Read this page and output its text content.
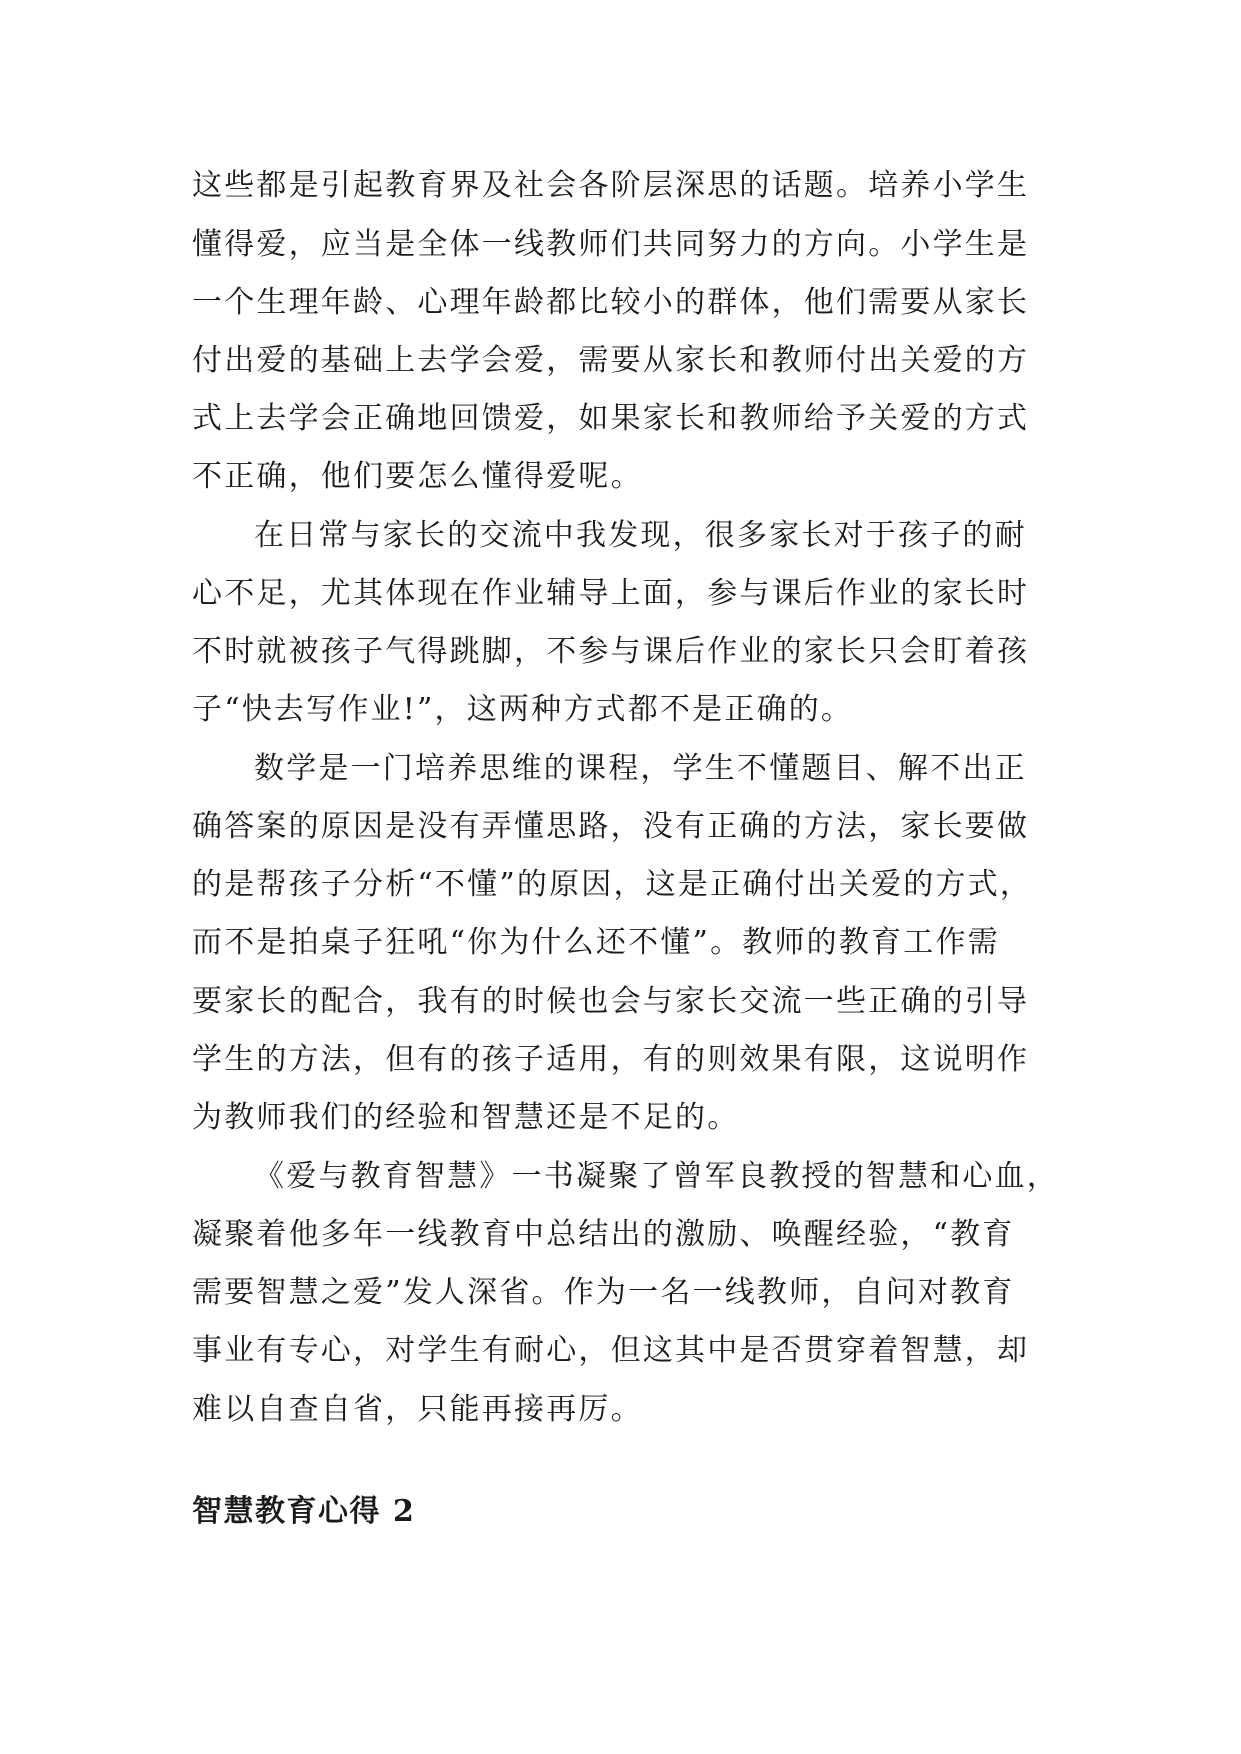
这些都是引起教育界及社会各阶层深思的话题。培养小学生

懂得爱，应当是全体一线教师们共同努力的方向。小学生是

一个生理年龄、心理年龄都比较小的群体，他们需要从家长

付出爱的基础上去学会爱，需要从家长和教师付出关爱的方

式上去学会正确地回馈爱，如果家长和教师给予关爱的方式

不正确，他们要怎么懂得爱呢。

在日常与家长的交流中我发现，很多家长对于孩子的耐

心不足，尤其体现在作业辅导上面，参与课后作业的家长时

不时就被孩子气得跳脚，不参与课后作业的家长只会盯着孩

子“快去写作业!”，这两种方式都不是正确的。

数学是一门培养思维的课程，学生不懂题目、解不出正

确答案的原因是没有弄懂思路，没有正确的方法，家长要做

的是帮孩子分析“不懂”的原因，这是正确付出关爱的方式，

而不是拍桌子狂吼“你为什么还不懂”。教师的教育工作需

要家长的配合，我有的时候也会与家长交流一些正确的引导

学生的方法，但有的孩子适用，有的则效果有限，这说明作

为教师我们的经验和智慧还是不足的。

《爱与教育智慧》一书凝聚了曾军良教授的智慧和心血，

凝聚着他多年一线教育中总结出的激励、唤醒经验，“教育

需要智慧之爱”发人深省。作为一名一线教师，自问对教育

事业有专心，对学生有耐心，但这其中是否贯穿着智慧，却

难以自查自省，只能再接再厉。

智慧教育心得 2
